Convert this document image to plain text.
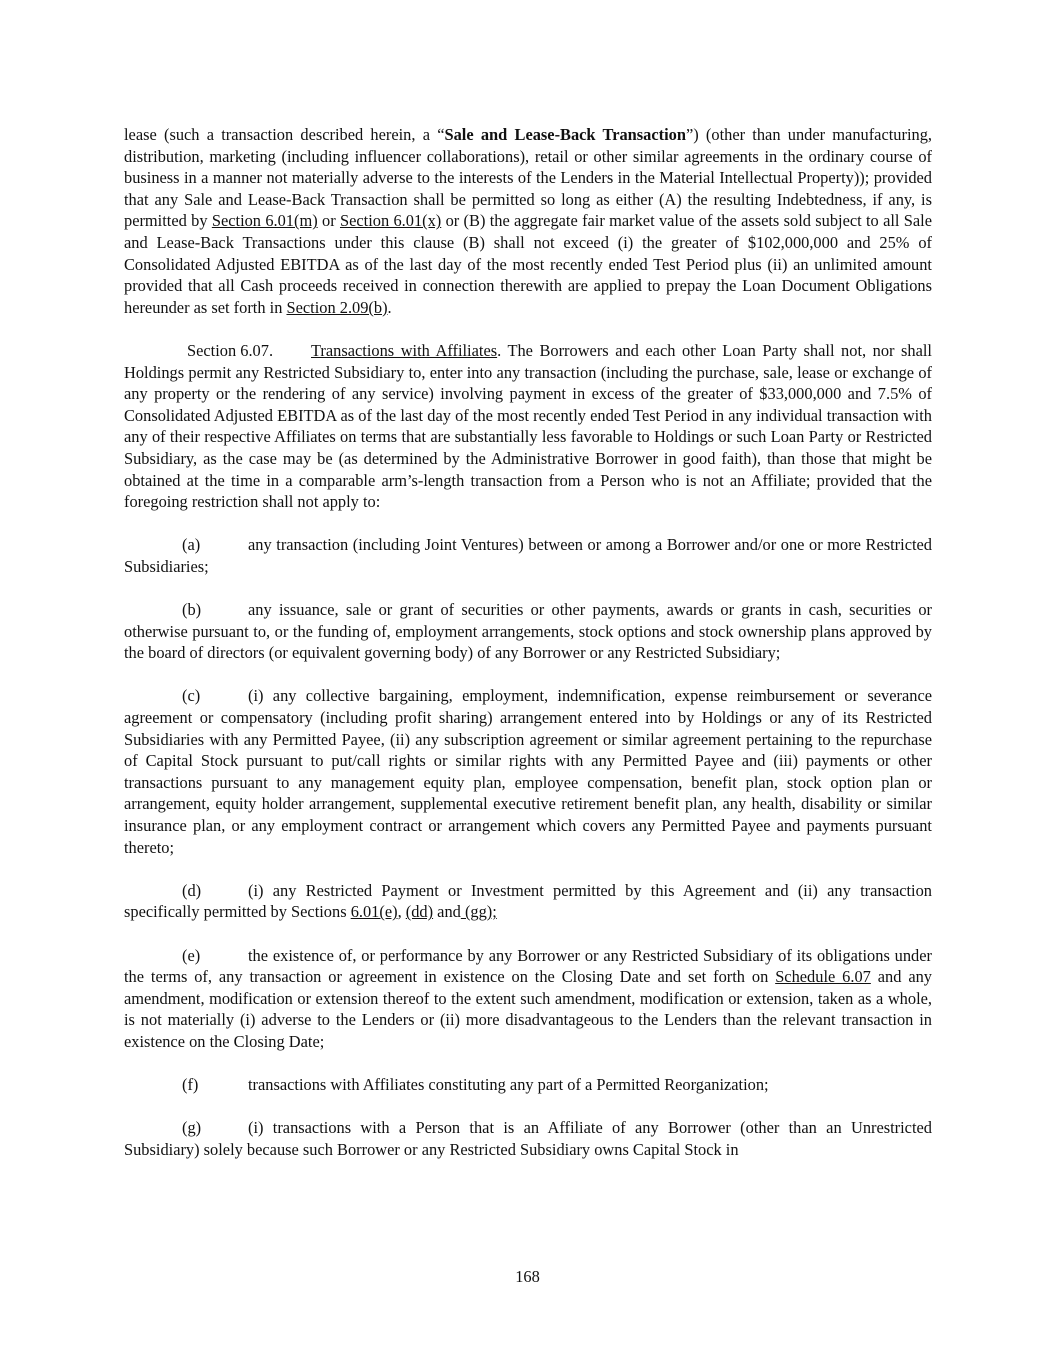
lease (such a transaction described herein, a “Sale and Lease-Back Transaction”) (other than under manufacturing, distribution, marketing (including influencer collaborations), retail or other similar agreements in the ordinary course of business in a manner not materially adverse to the interests of the Lenders in the Material Intellectual Property)); provided that any Sale and Lease-Back Transaction shall be permitted so long as either (A) the resulting Indebtedness, if any, is permitted by Section 6.01(m) or Section 6.01(x) or (B) the aggregate fair market value of the assets sold subject to all Sale and Lease-Back Transactions under this clause (B) shall not exceed (i) the greater of $102,000,000 and 25% of Consolidated Adjusted EBITDA as of the last day of the most recently ended Test Period plus (ii) an unlimited amount provided that all Cash proceeds received in connection therewith are applied to prepay the Loan Document Obligations hereunder as set forth in Section 2.09(b).

Section 6.07. Transactions with Affiliates. The Borrowers and each other Loan Party shall not, nor shall Holdings permit any Restricted Subsidiary to, enter into any transaction (including the purchase, sale, lease or exchange of any property or the rendering of any service) involving payment in excess of the greater of $33,000,000 and 7.5% of Consolidated Adjusted EBITDA as of the last day of the most recently ended Test Period in any individual transaction with any of their respective Affiliates on terms that are substantially less favorable to Holdings or such Loan Party or Restricted Subsidiary, as the case may be (as determined by the Administrative Borrower in good faith), than those that might be obtained at the time in a comparable arm’s-length transaction from a Person who is not an Affiliate; provided that the foregoing restriction shall not apply to:

(a)	any transaction (including Joint Ventures) between or among a Borrower and/or one or more Restricted Subsidiaries;

(b)	any issuance, sale or grant of securities or other payments, awards or grants in cash, securities or otherwise pursuant to, or the funding of, employment arrangements, stock options and stock ownership plans approved by the board of directors (or equivalent governing body) of any Borrower or any Restricted Subsidiary;

(c)	(i) any collective bargaining, employment, indemnification, expense reimbursement or severance agreement or compensatory (including profit sharing) arrangement entered into by Holdings or any of its Restricted Subsidiaries with any Permitted Payee, (ii) any subscription agreement or similar agreement pertaining to the repurchase of Capital Stock pursuant to put/call rights or similar rights with any Permitted Payee and (iii) payments or other transactions pursuant to any management equity plan, employee compensation, benefit plan, stock option plan or arrangement, equity holder arrangement, supplemental executive retirement benefit plan, any health, disability or similar insurance plan, or any employment contract or arrangement which covers any Permitted Payee and payments pursuant thereto;

(d)	(i) any Restricted Payment or Investment permitted by this Agreement and (ii) any transaction specifically permitted by Sections 6.01(e), (dd) and (gg);

(e)	the existence of, or performance by any Borrower or any Restricted Subsidiary of its obligations under the terms of, any transaction or agreement in existence on the Closing Date and set forth on Schedule 6.07 and any amendment, modification or extension thereof to the extent such amendment, modification or extension, taken as a whole, is not materially (i) adverse to the Lenders or (ii) more disadvantageous to the Lenders than the relevant transaction in existence on the Closing Date;

(f)	transactions with Affiliates constituting any part of a Permitted Reorganization;

(g)	(i) transactions with a Person that is an Affiliate of any Borrower (other than an Unrestricted Subsidiary) solely because such Borrower or any Restricted Subsidiary owns Capital Stock in

168
